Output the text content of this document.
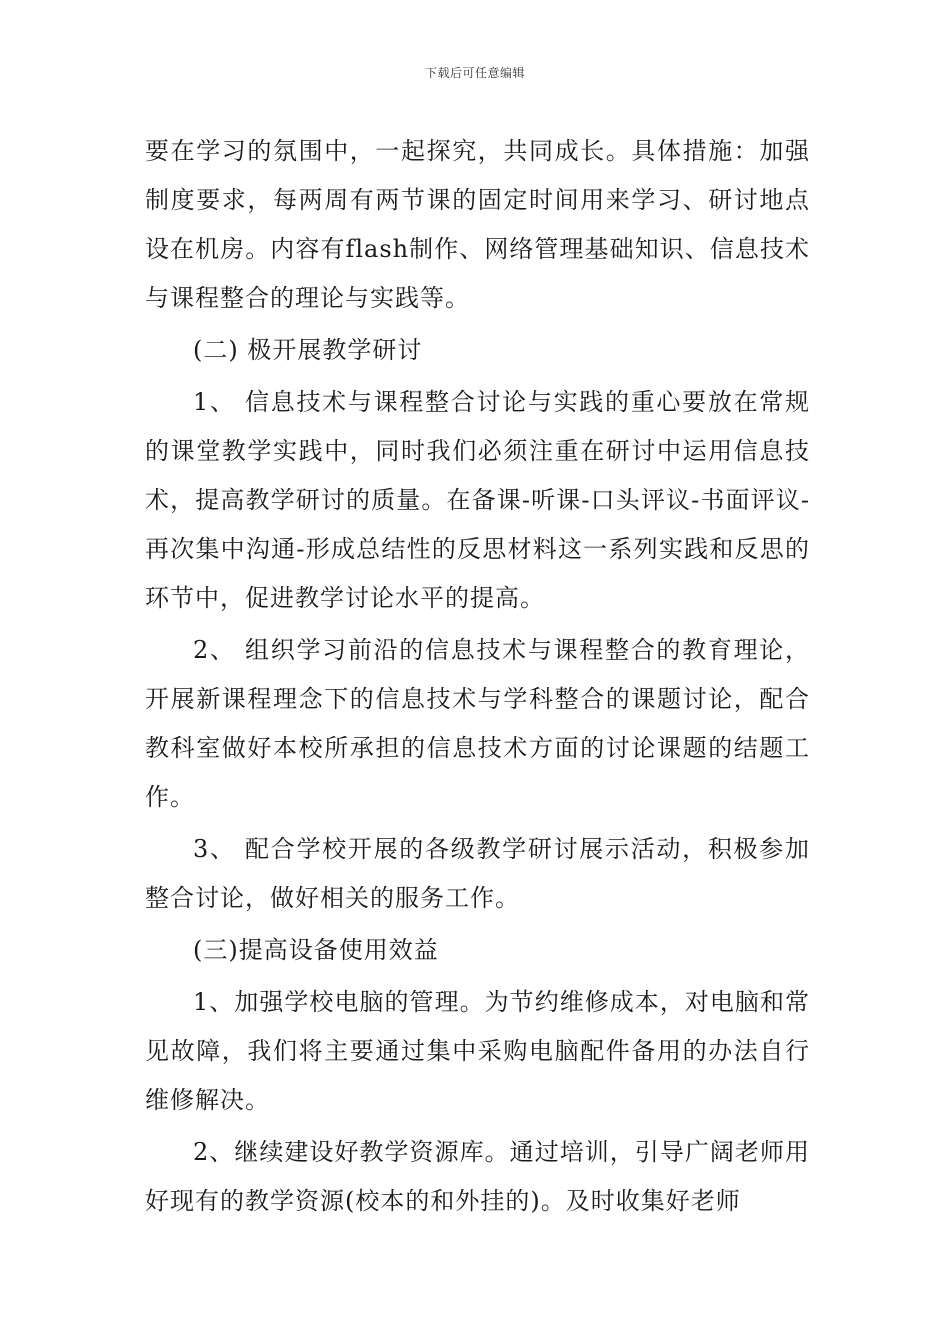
下载后可任意编辑

要在学习的氛围中，一起探究，共同成长。具体措施：加强制度要求，每两周有两节课的固定时间用来学习、研讨地点设在机房。内容有flash制作、网络管理基础知识、信息技术与课程整合的理论与实践等。

(二) 极开展教学研讨

1、 信息技术与课程整合讨论与实践的重心要放在常规的课堂教学实践中，同时我们必须注重在研讨中运用信息技术，提高教学研讨的质量。在备课-听课-口头评议-书面评议-再次集中沟通-形成总结性的反思材料这一系列实践和反思的环节中，促进教学讨论水平的提高。

2、 组织学习前沿的信息技术与课程整合的教育理论，开展新课程理念下的信息技术与学科整合的课题讨论，配合教科室做好本校所承担的信息技术方面的讨论课题的结题工作。

3、 配合学校开展的各级教学研讨展示活动，积极参加整合讨论，做好相关的服务工作。

(三)提高设备使用效益

1、加强学校电脑的管理。为节约维修成本，对电脑和常见故障，我们将主要通过集中采购电脑配件备用的办法自行维修解决。

2、继续建设好教学资源库。通过培训，引导广阔老师用好现有的教学资源(校本的和外挂的)。及时收集好老师
